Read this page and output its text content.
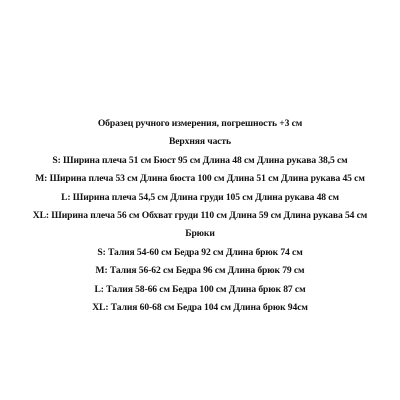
Образец ручного измерения, погрешность +3 см
Верхняя часть
S: Ширина плеча 51 см Бюст 95 см Длина 48 см Длина рукава 38,5 см
M: Ширина плеча 53 см Длина бюста 100 см Длина 51 см Длина рукава 45 см
L: Ширина плеча 54,5 см Длина груди 105 см Длина рукава 48 см
XL: Ширина плеча 56 см Обхват груди 110 см Длина 59 см Длина рукава 54 см
Брюки
S: Талия 54-60 см Бедра 92 см Длина брюк 74 см
M: Талия 56-62 см Бедра 96 см Длина брюк 79 см
L: Талия 58-66 см Бедра 100 см Длина брюк 87 см
XL: Талия 60-68 см Бедра 104 см Длина брюк 94см
